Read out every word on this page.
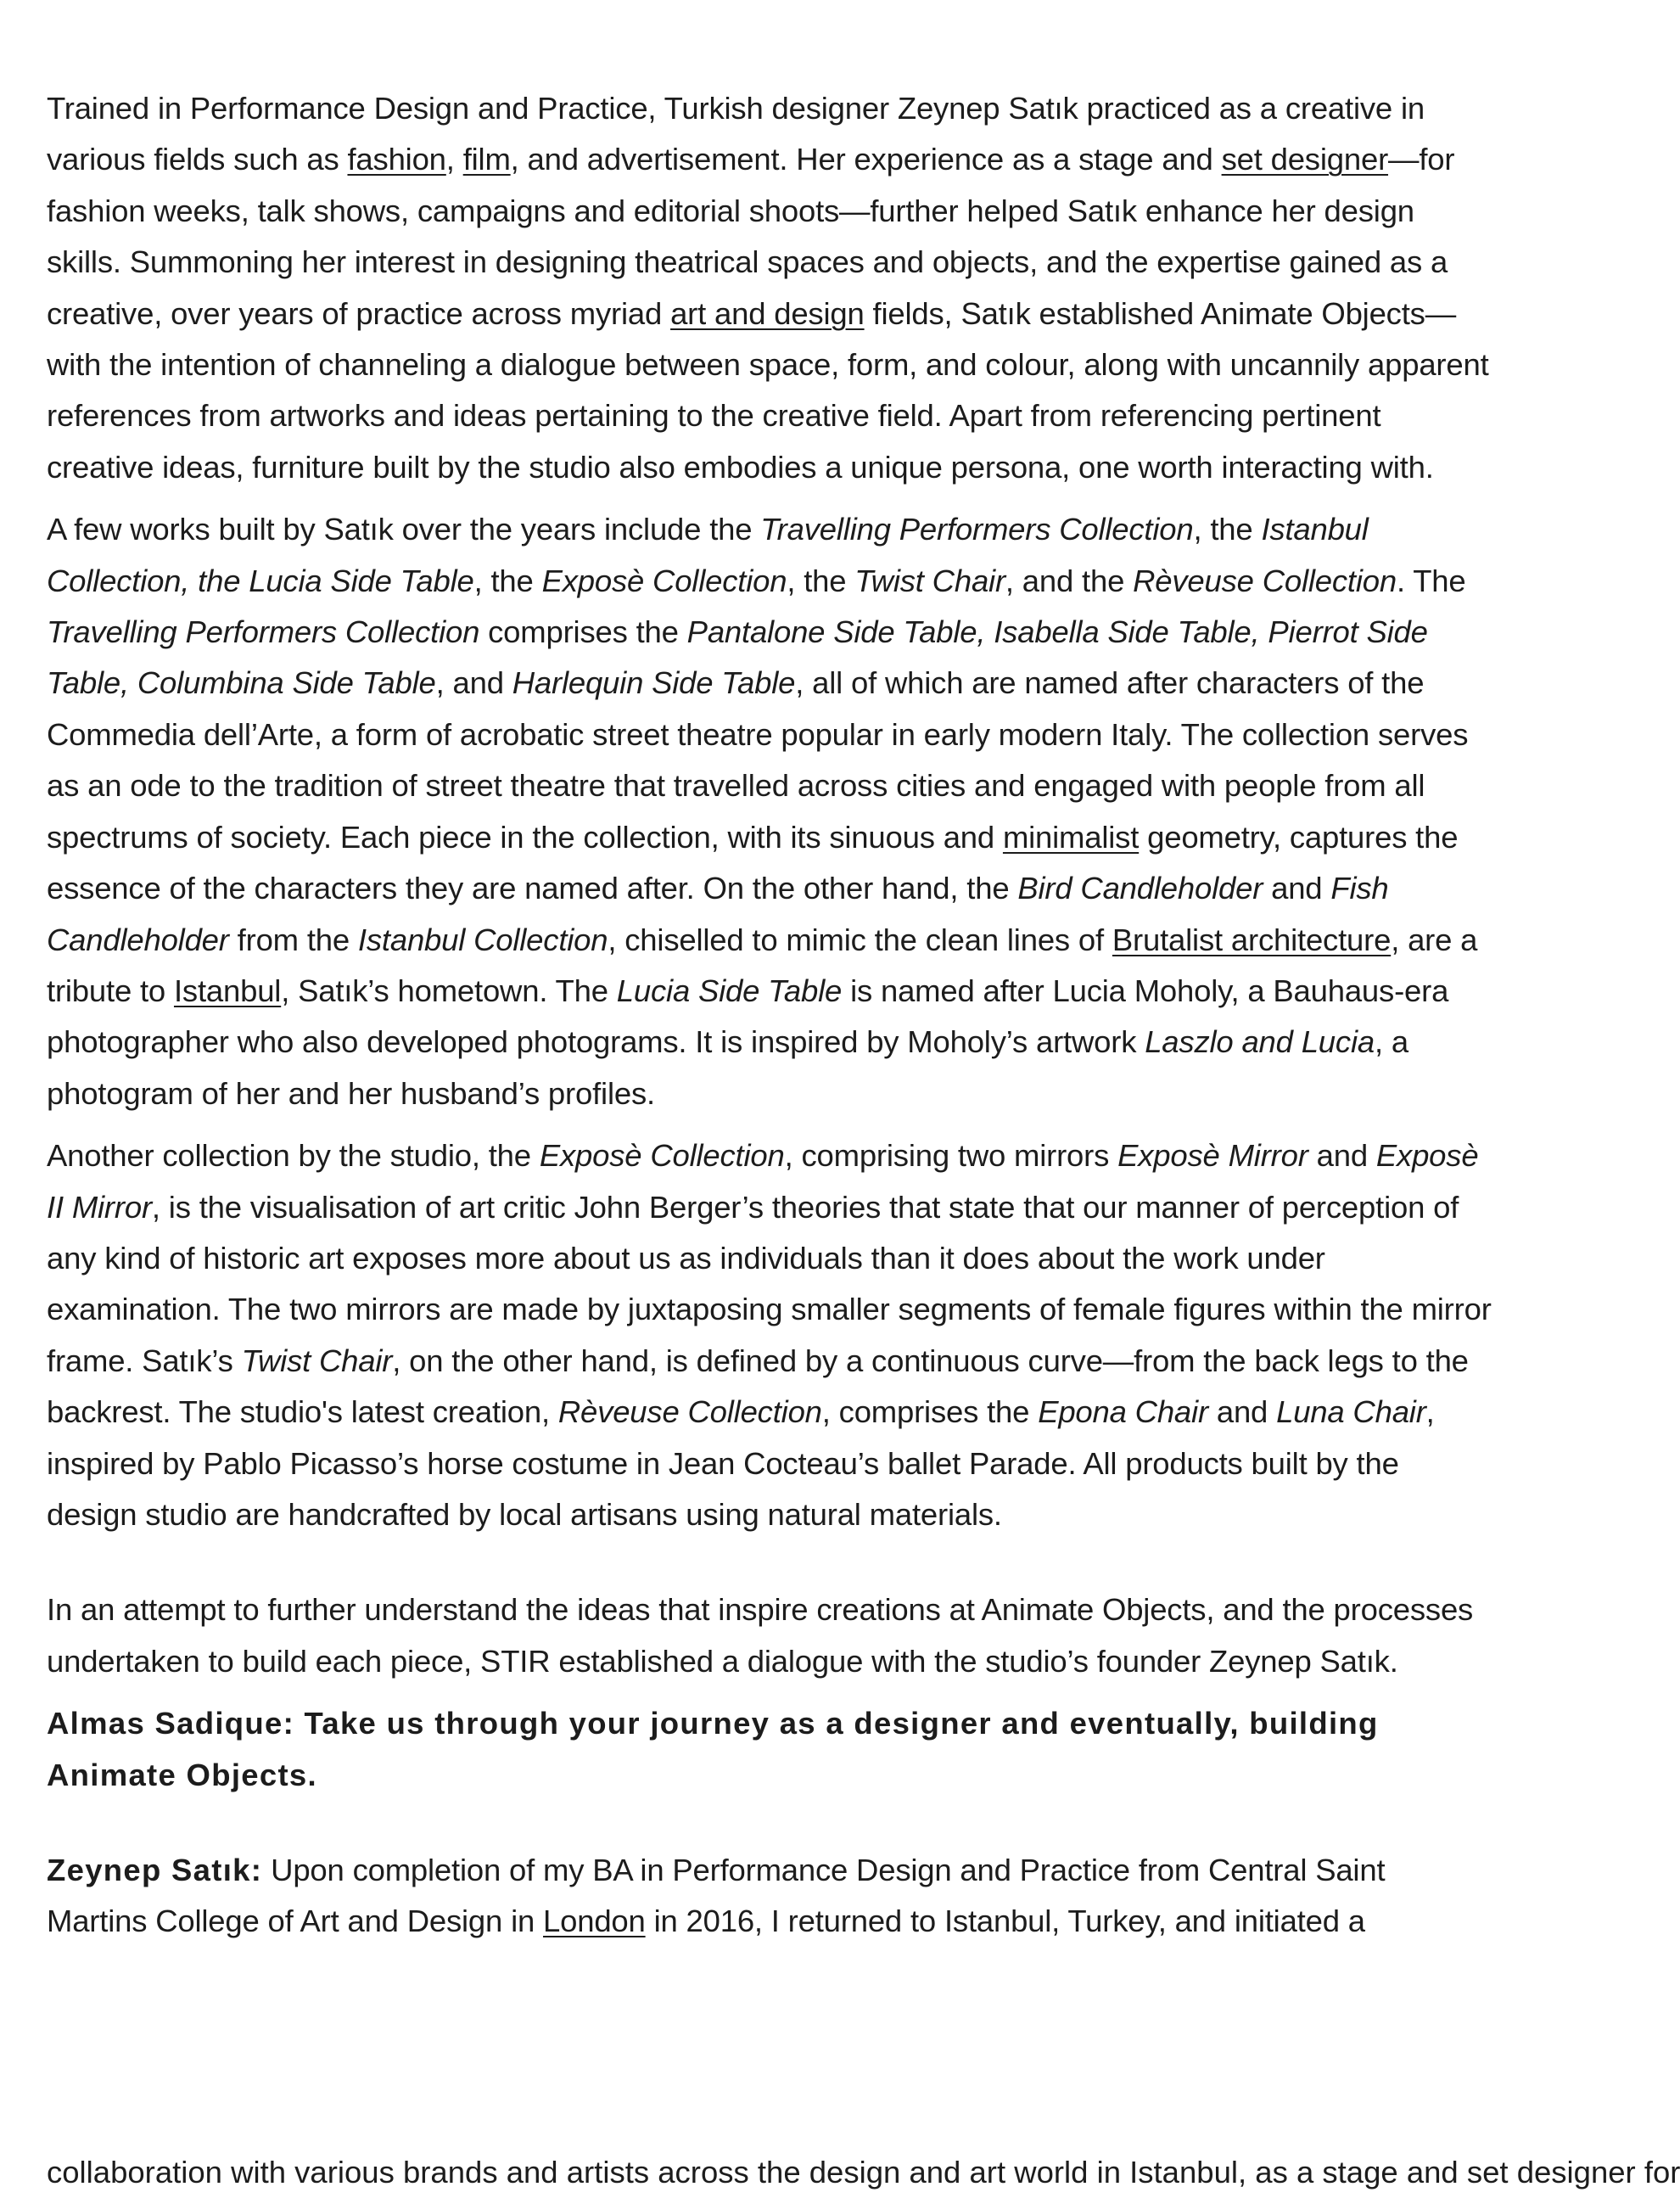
Trained in Performance Design and Practice, Turkish designer Zeynep Satık practiced as a creative in various fields such as fashion, film, and advertisement. Her experience as a stage and set designer—for fashion weeks, talk shows, campaigns and editorial shoots—further helped Satık enhance her design skills. Summoning her interest in designing theatrical spaces and objects, and the expertise gained as a creative, over years of practice across myriad art and design fields, Satık established Animate Objects—with the intention of channeling a dialogue between space, form, and colour, along with uncannily apparent references from artworks and ideas pertaining to the creative field. Apart from referencing pertinent creative ideas, furniture built by the studio also embodies a unique persona, one worth interacting with.

A few works built by Satık over the years include the Travelling Performers Collection, the Istanbul Collection, the Lucia Side Table, the Exposè Collection, the Twist Chair, and the Rèveuse Collection. The Travelling Performers Collection comprises the Pantalone Side Table, Isabella Side Table, Pierrot Side Table, Columbina Side Table, and Harlequin Side Table, all of which are named after characters of the Commedia dell’Arte, a form of acrobatic street theatre popular in early modern Italy. The collection serves as an ode to the tradition of street theatre that travelled across cities and engaged with people from all spectrums of society. Each piece in the collection, with its sinuous and minimalist geometry, captures the essence of the characters they are named after. On the other hand, the Bird Candleholder and Fish Candleholder from the Istanbul Collection, chiselled to mimic the clean lines of Brutalist architecture, are a tribute to Istanbul, Satık’s hometown. The Lucia Side Table is named after Lucia Moholy, a Bauhaus-era photographer who also developed photograms. It is inspired by Moholy’s artwork Laszlo and Lucia, a photogram of her and her husband’s profiles.

Another collection by the studio, the Exposè Collection, comprising two mirrors Exposè Mirror and Exposè II Mirror, is the visualisation of art critic John Berger’s theories that state that our manner of perception of any kind of historic art exposes more about us as individuals than it does about the work under examination. The two mirrors are made by juxtaposing smaller segments of female figures within the mirror frame. Satık’s Twist Chair, on the other hand, is defined by a continuous curve—from the back legs to the backrest. The studio's latest creation, Rèveuse Collection, comprises the Epona Chair and Luna Chair, inspired by Pablo Picasso’s horse costume in Jean Cocteau’s ballet Parade. All products built by the design studio are handcrafted by local artisans using natural materials.

In an attempt to further understand the ideas that inspire creations at Animate Objects, and the processes undertaken to build each piece, STIR established a dialogue with the studio’s founder Zeynep Satık.

Almas Sadique: Take us through your journey as a designer and eventually, building Animate Objects.

Zeynep Satık: Upon completion of my BA in Performance Design and Practice from Central Saint Martins College of Art and Design in London in 2016, I returned to Istanbul, Turkey, and initiated a

collaboration with various brands and artists across the design and art world in Istanbul, as a stage and set designer for
